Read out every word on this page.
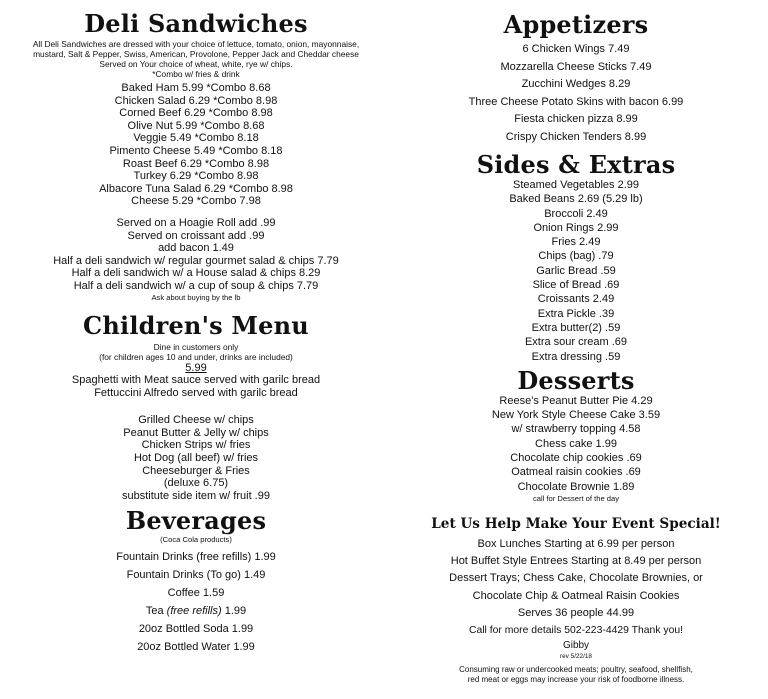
Deli Sandwiches
All Deli Sandwiches are dressed with your choice of lettuce, tomato, onion, mayonnaise,
mustard, Salt & Pepper, Swiss, American, Provolone, Pepper Jack and Cheddar cheese
Served on Your choice of wheat, white, rye w/ chips.
*Combo w/ fries & drink
Baked Ham 5.99 *Combo 8.68
Chicken Salad 6.29 *Combo 8.98
Corned Beef 6.29 *Combo 8.98
Olive Nut 5.99 *Combo 8.68
Veggie 5.49 *Combo 8.18
Pimento Cheese 5.49 *Combo 8.18
Roast Beef 6.29 *Combo 8.98
Turkey 6.29 *Combo 8.98
Albacore Tuna Salad 6.29 *Combo 8.98
Cheese 5.29 *Combo 7.98
Served on a Hoagie Roll add .99
Served on croissant add .99
add bacon 1.49
Half a deli sandwich w/ regular gourmet salad & chips 7.79
Half a deli sandwich w/ a House salad & chips 8.29
Half a deli sandwich w/ a cup of soup & chips 7.79
Ask about buying by the lb
Children's Menu
Dine in customers only
(for children ages 10 and under, drinks are included)
5.99
Spaghetti with Meat sauce served with garilc bread
Fettuccini Alfredo served with garilc bread
Grilled Cheese w/ chips
Peanut Butter & Jelly w/ chips
Chicken Strips w/ fries
Hot Dog (all beef) w/ fries
Cheeseburger & Fries
(deluxe 6.75)
substitute side item w/ fruit .99
Beverages
(Coca Cola products)
Fountain Drinks (free refills) 1.99
Fountain Drinks (To go) 1.49
Coffee 1.59
Tea (free refills) 1.99
20oz Bottled Soda 1.99
20oz Bottled Water 1.99
Appetizers
6 Chicken Wings 7.49
Mozzarella Cheese Sticks 7.49
Zucchini Wedges 8.29
Three Cheese Potato Skins with bacon 6.99
Fiesta chicken pizza 8.99
Crispy Chicken Tenders 8.99
Sides & Extras
Steamed Vegetables 2.99
Baked Beans 2.69 (5.29 lb)
Broccoli 2.49
Onion Rings 2.99
Fries 2.49
Chips (bag) .79
Garlic Bread .59
Slice of Bread .69
Croissants 2.49
Extra Pickle .39
Extra butter(2) .59
Extra sour cream .69
Extra dressing .59
Desserts
Reese's Peanut Butter Pie 4.29
New York Style Cheese Cake 3.59
w/ strawberry topping 4.58
Chess cake 1.99
Chocolate chip cookies .69
Oatmeal raisin cookies .69
Chocolate Brownie 1.89
call for Dessert of the day
Let Us Help Make Your Event Special!
Box Lunches Starting at 6.99 per person
Hot Buffet Style Entrees Starting at 8.49 per person
Dessert Trays; Chess Cake, Chocolate Brownies, or
Chocolate Chip & Oatmeal Raisin Cookies
Serves 36 people 44.99
Call for more details 502-223-4429 Thank you!
Gibby
rev 5/22/18
Consuming raw or undercooked meats; poultry, seafood, shellfish,
red meat or eggs may increase your risk of foodborne illness.
